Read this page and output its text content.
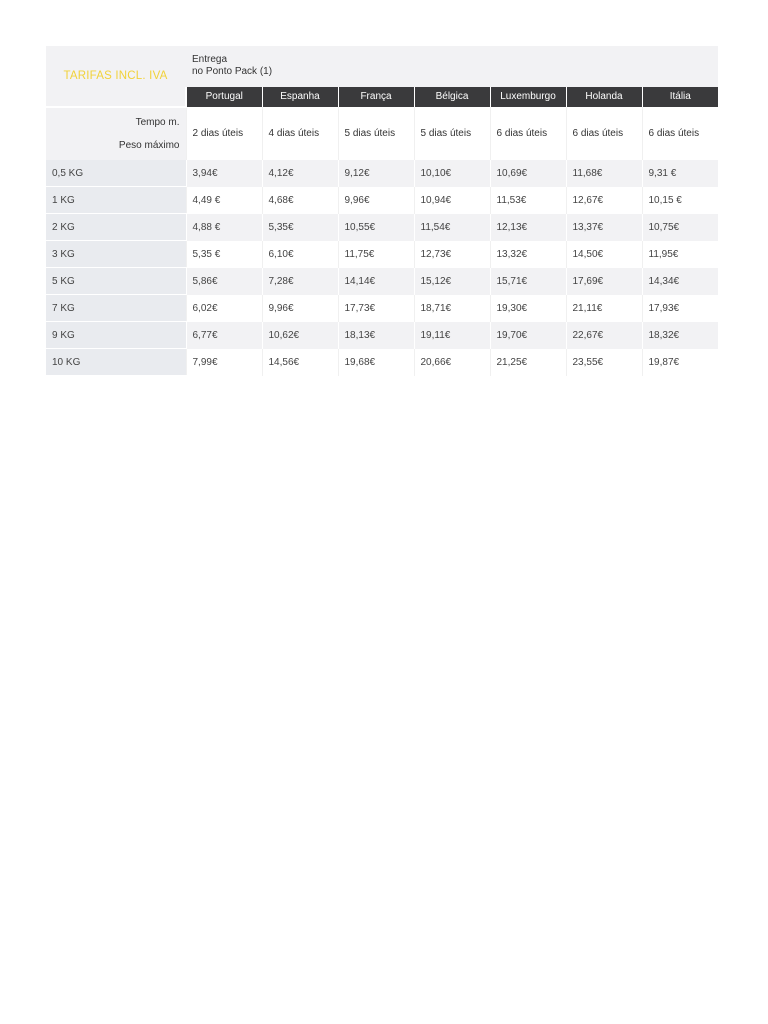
TARIFAS INCL. IVA	Entrega
no Ponto Pack (1)						

	Portugal	Espanha	França	Bélgica	Luxemburgo	Holanda	Itália

Tempo m.
Peso máximo	2 dias úteis	4 dias úteis	5 dias úteis	5 dias úteis	6 dias úteis	6 dias úteis	6 dias úteis
0,5 KG	3,94€	4,12€	9,12€	10,10€	10,69€	11,68€	9,31 €
1 KG	4,49 €	4,68€	9,96€	10,94€	11,53€	12,67€	10,15 €
2 KG	4,88 €	5,35€	10,55€	11,54€	12,13€	13,37€	10,75€
3 KG	5,35 €	6,10€	11,75€	12,73€	13,32€	14,50€	11,95€
5 KG	5,86€	7,28€	14,14€	15,12€	15,71€	17,69€	14,34€
7 KG	6,02€	9,96€	17,73€	18,71€	19,30€	21,11€	17,93€
9 KG	6,77€	10,62€	18,13€	19,11€	19,70€	22,67€	18,32€
10 KG	7,99€	14,56€	19,68€	20,66€	21,25€	23,55€	19,87€
